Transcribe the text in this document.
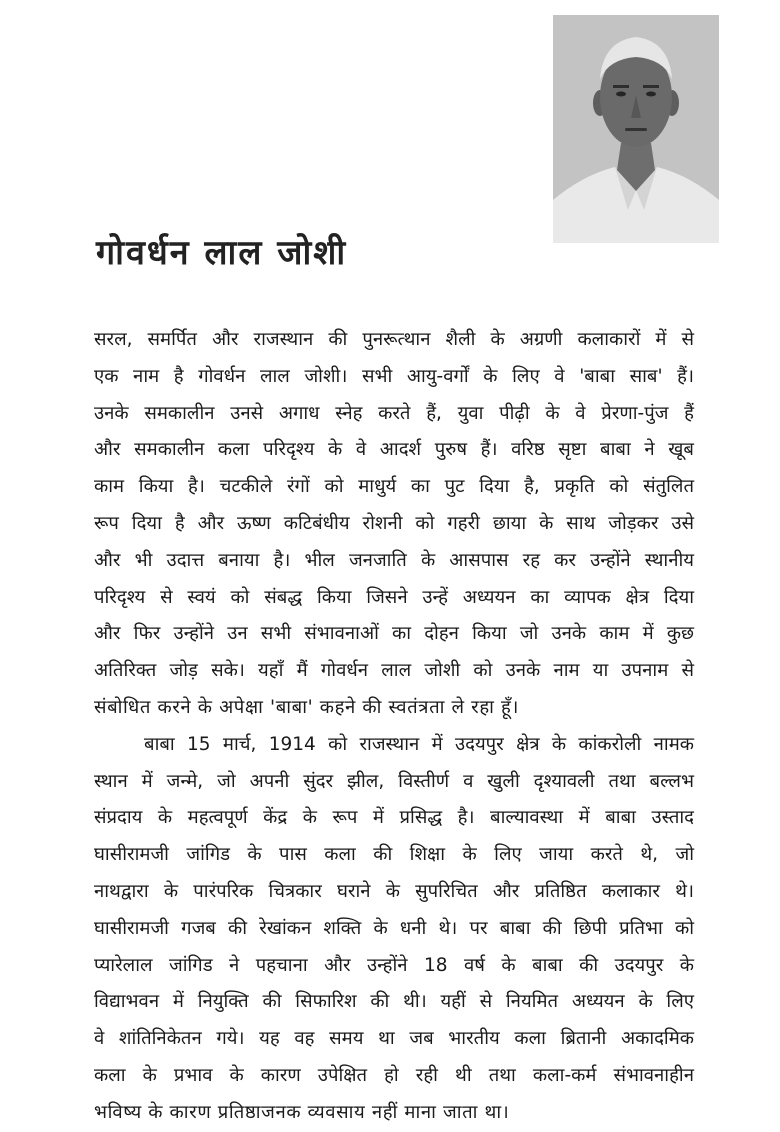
गोवर्धन लाल जोशी
सरल, समर्पित और राजस्थान की पुनरूत्थान शैली के अग्रणी कलाकारों में से
एक नाम है गोवर्धन लाल जोशी। सभी आयु-वर्गों के लिए वे 'बाबा साब' हैं।
उनके समकालीन उनसे अगाध स्नेह करते हैं, युवा पीढ़ी के वे प्रेरणा-पुंज हैं
और समकालीन कला परिदृश्य के वे आदर्श पुरुष हैं। वरिष्ठ सृष्टा बाबा ने खूब
काम किया है। चटकीले रंगों को माधुर्य का पुट दिया है, प्रकृति को संतुलित
रूप दिया है और ऊष्ण कटिबंधीय रोशनी को गहरी छाया के साथ जोड़कर उसे
और भी उदात्त बनाया है। भील जनजाति के आसपास रह कर उन्होंने स्थानीय
परिदृश्य से स्वयं को संबद्ध किया जिसने उन्हें अध्ययन का व्यापक क्षेत्र दिया
और फिर उन्होंने उन सभी संभावनाओं का दोहन किया जो उनके काम में कुछ
अतिरिक्त जोड़ सके। यहाँ मैं गोवर्धन लाल जोशी को उनके नाम या उपनाम से
संबोधित करने के अपेक्षा 'बाबा' कहने की स्वतंत्रता ले रहा हूँ।
बाबा 15 मार्च, 1914 को राजस्थान में उदयपुर क्षेत्र के कांकरोली नामक
स्थान में जन्मे, जो अपनी सुंदर झील, विस्तीर्ण व खुली दृश्यावली तथा बल्लभ
संप्रदाय के महत्वपूर्ण केंद्र के रूप में प्रसिद्ध है। बाल्यावस्था में बाबा उस्ताद
घासीरामजी जांगिड के पास कला की शिक्षा के लिए जाया करते थे, जो
नाथद्वारा के पारंपरिक चित्रकार घराने के सुपरिचित और प्रतिष्ठित कलाकार थे।
घासीरामजी गजब की रेखांकन शक्ति के धनी थे। पर बाबा की छिपी प्रतिभा को
प्यारेलाल जांगिड ने पहचाना और उन्होंने 18 वर्ष के बाबा की उदयपुर के
विद्याभवन में नियुक्ति की सिफारिश की थी। यहीं से नियमित अध्ययन के लिए
वे शांतिनिकेतन गये। यह वह समय था जब भारतीय कला ब्रितानी अकादमिक
कला के प्रभाव के कारण उपेक्षित हो रही थी तथा कला-कर्म संभावनाहीन
भविष्य के कारण प्रतिष्ठाजनक व्यवसाय नहीं माना जाता था।
